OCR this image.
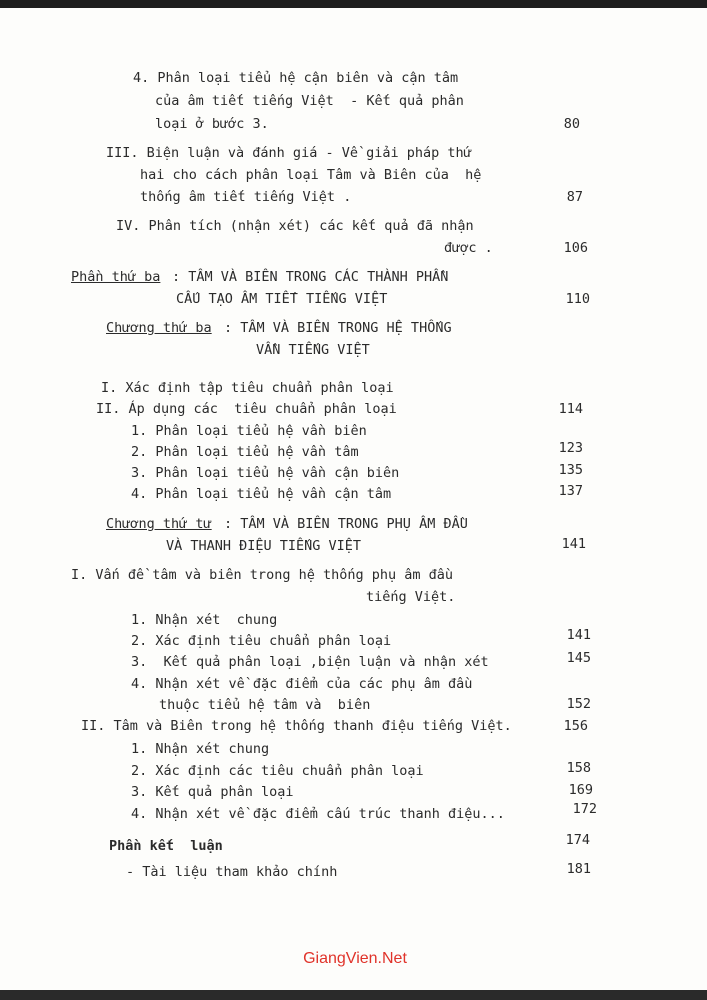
4. Phân loại tiểu hệ cận biên và cận tâm
của âm tiết tiếng Việt  - Kết quả phân
loại ở bước 3.	80
III. Biện luận và đánh giá - Về giải pháp thứ
hai cho cách phân loại Tâm và Biên của  hệ
thống âm tiết tiếng Việt .	87
IV. Phân tích (nhận xét) các kết quả đã nhận
được .	106
Phần thứ ba : TÂM VÀ BIÊN TRONG CÁC THÀNH PHẦN
CẤU TẠO ÂM TIẾT TIẾNG VIỆT	110
Chương thứ ba : TÂM VÀ BIÊN TRONG HỆ THỐNG
VẦN TIẾNG VIỆT
I. Xác định tập tiêu chuẩn phân loại
II. Áp dụng các  tiêu chuẩn phân loại	114
1. Phân loại tiểu hệ vần biên
2. Phân loại tiểu hệ vần tâm	123
3. Phân loại tiểu hệ vần cận biên	135
4. Phân loại tiểu hệ vần cận tâm	137
Chương thứ tư : TÂM VÀ BIÊN TRONG PHỤ ÂM ĐẦU
VÀ THANH ĐIỆU TIẾNG VIỆT	141
I. Vấn đề tâm và biên trong hệ thống phụ âm đầu
tiếng Việt.
1. Nhận xét  chung
2. Xác định tiêu chuẩn phân loại	141
3.  Kết quả phân loại ,biện luận và nhận xét	145
4. Nhận xét về đặc điểm của các phụ âm đầu
thuộc tiểu hệ tâm và  biên	152
II. Tâm và Biên trong hệ thống thanh điệu tiếng Việt.	156
1. Nhận xét chung
2. Xác định các tiêu chuẩn phân loại	158
3. Kết quả phân loại	169
4. Nhận xét về đặc điểm cấu trúc thanh điệu...	172
Phần kết  luận	174
- Tài liệu tham khảo chính	181
GiangVien.Net
